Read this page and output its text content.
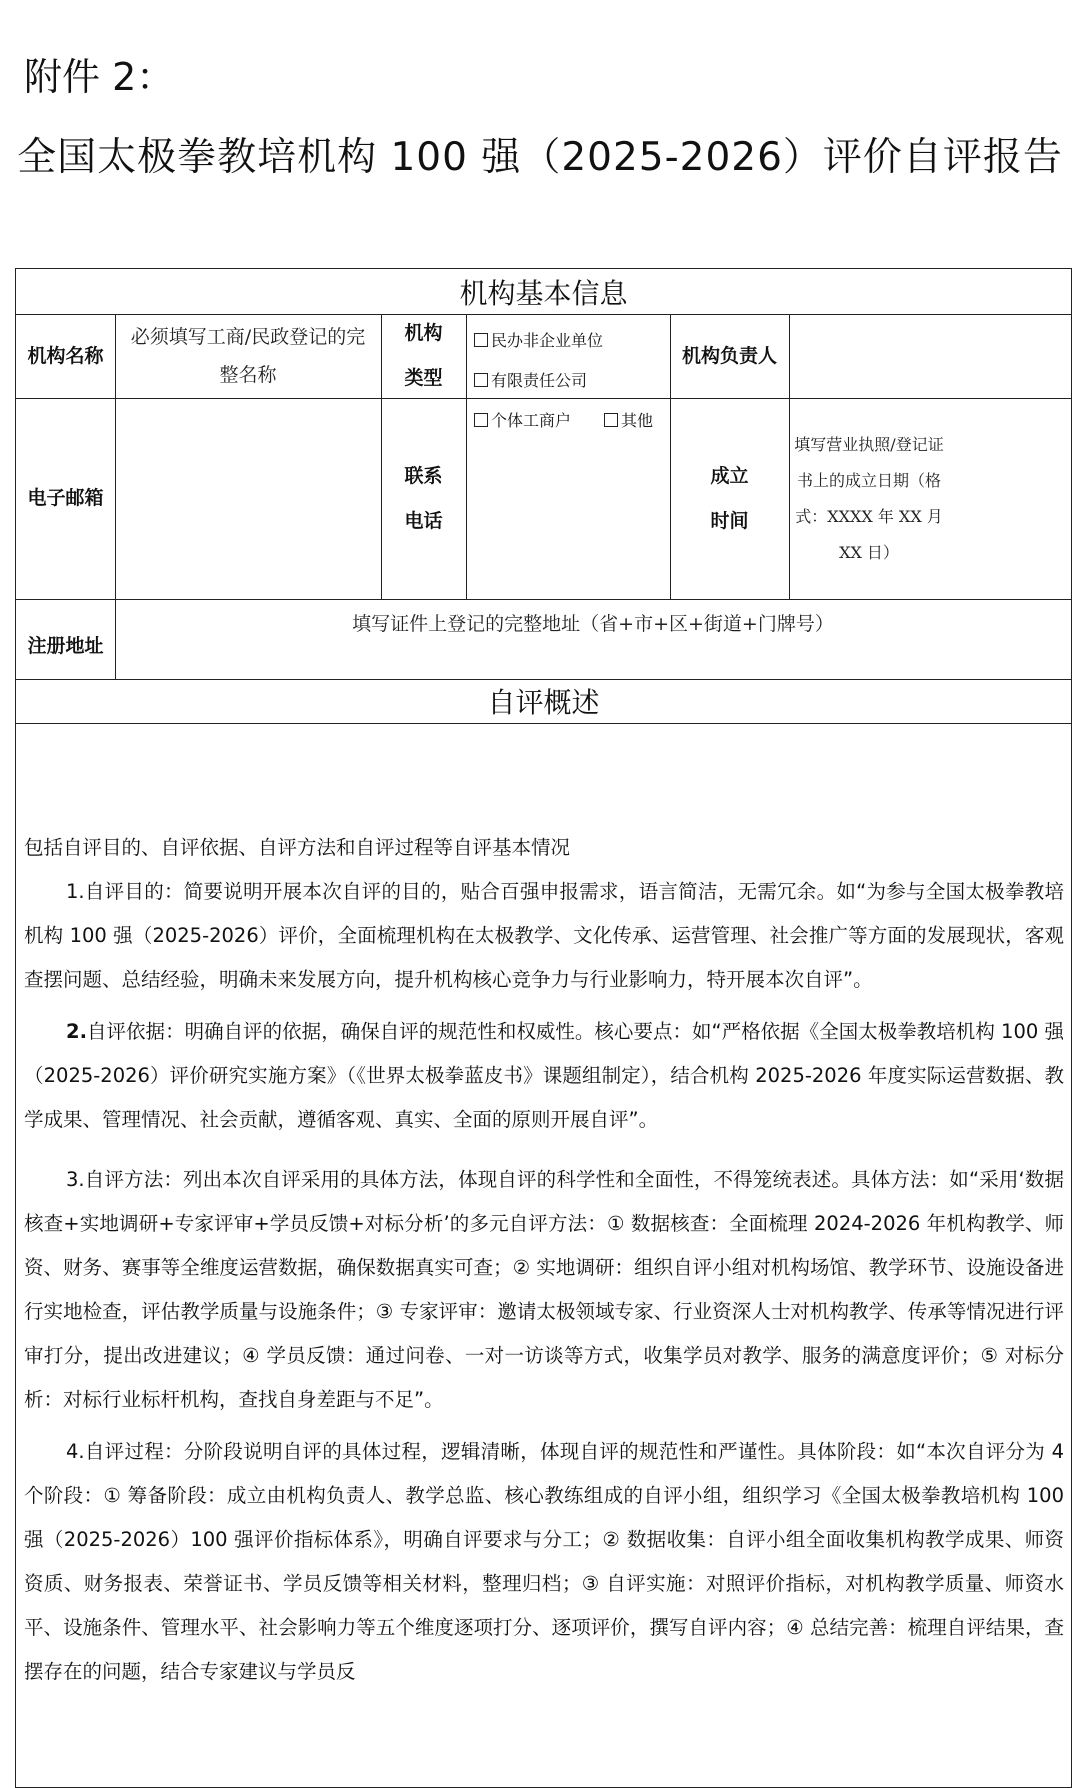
附件 2：
全国太极拳教培机构 100 强（2025-2026）评价自评报告
机构基本信息
机构名称
必须填写工商/民政登记的完整名称
机构类型
民办非企业单位
有限责任公司
个体工商户	其他
机构负责人
电子邮箱
联系电话
成立时间
填写营业执照/登记证书上的成立日期（格式：XXXX 年 XX 月 XX 日）
注册地址
填写证件上登记的完整地址（省+市+区+街道+门牌号）
自评概述

包括自评目的、自评依据、自评方法和自评过程等自评基本情况

1.自评目的：简要说明开展本次自评的目的，贴合百强申报需求，语言简洁，无需冗余。如“为参与全国太极拳教培机构 100 强（2025-2026）评价，全面梳理机构在太极教学、文化传承、运营管理、社会推广等方面的发展现状，客观查摆问题、总结经验，明确未来发展方向，提升机构核心竞争力与行业影响力，特开展本次自评”。

2.自评依据：明确自评的依据，确保自评的规范性和权威性。核心要点：如“严格依据《全国太极拳教培机构 100 强（2025-2026）评价研究实施方案》（《世界太极拳蓝皮书》课题组制定），结合机构 2025-2026 年度实际运营数据、教学成果、管理情况、社会贡献，遵循客观、真实、全面的原则开展自评”。

3.自评方法：列出本次自评采用的具体方法，体现自评的科学性和全面性，不得笼统表述。具体方法：如“采用‘数据核查+实地调研+专家评审+学员反馈+对标分析’的多元自评方法：① 数据核查：全面梳理 2024-2026 年机构教学、师资、财务、赛事等全维度运营数据，确保数据真实可查；② 实地调研：组织自评小组对机构场馆、教学环节、设施设备进行实地检查，评估教学质量与设施条件；③ 专家评审：邀请太极领域专家、行业资深人士对机构教学、传承等情况进行评审打分，提出改进建议；④ 学员反馈：通过问卷、一对一访谈等方式，收集学员对教学、服务的满意度评价；⑤ 对标分析：对标行业标杆机构，查找自身差距与不足”。

4.自评过程：分阶段说明自评的具体过程，逻辑清晰，体现自评的规范性和严谨性。具体阶段：如“本次自评分为 4 个阶段：① 筹备阶段：成立由机构负责人、教学总监、核心教练组成的自评小组，组织学习《全国太极拳教培机构 100 强（2025-2026）100 强评价指标体系》，明确自评要求与分工；② 数据收集：自评小组全面收集机构教学成果、师资资质、财务报表、荣誉证书、学员反馈等相关材料，整理归档；③ 自评实施：对照评价指标，对机构教学质量、师资水平、设施条件、管理水平、社会影响力等五个维度逐项打分、逐项评价，撰写自评内容；④ 总结完善：梳理自评结果，查摆存在的问题，结合专家建议与学员反
